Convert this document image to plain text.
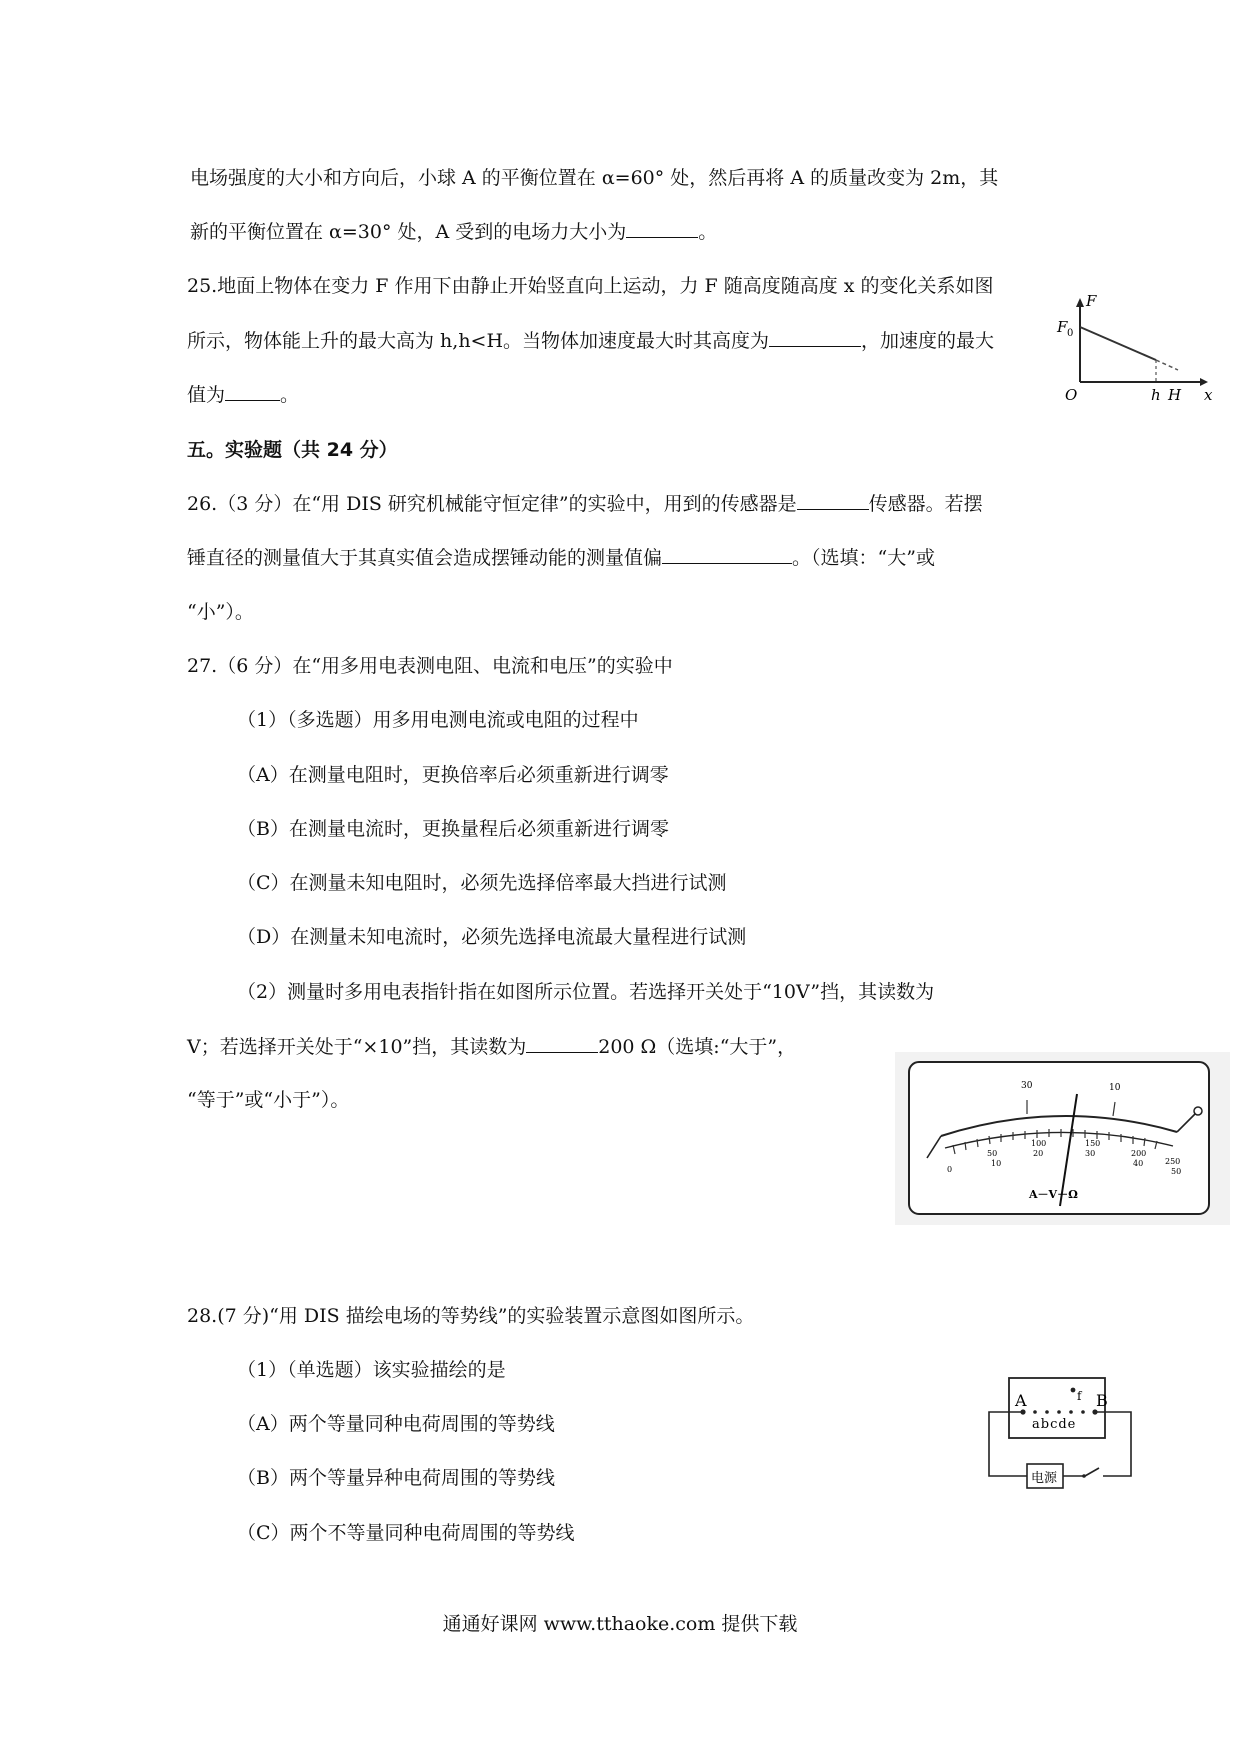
电场强度的大小和方向后，小球 A 的平衡位置在 α=60° 处，然后再将 A 的质量改变为 2m，其
新的平衡位置在 α=30° 处，A 受到的电场力大小为	。
25.地面上物体在变力 F 作用下由静止开始竖直向上运动，力 F 随高度随高度 x 的变化关系如图
所示，物体能上升的最大高为 h,h<H。当物体加速度最大时其高度为	，加速度的最大
值为	。
F
F 0
O	h H x
五。实验题（共 24 分）
26.（3 分）在“用 DIS 研究机械能守恒定律”的实验中，用到的传感器是	传感器。若摆
锤直径的测量值大于其真实值会造成摆锤动能的测量值偏	。（选填：“大”或
“小”）。
27.（6 分）在“用多用电表测电阻、电流和电压”的实验中
（1）（多选题）用多用电测电流或电阻的过程中
（A）在测量电阻时，更换倍率后必须重新进行调零
（B）在测量电流时，更换量程后必须重新进行调零
（C）在测量未知电阻时，必须先选择倍率最大挡进行试测
（D）在测量未知电流时，必须先选择电流最大量程进行试测
（2）测量时多用电表指针指在如图所示位置。若选择开关处于“10V”挡，其读数为
V；若选择开关处于“×10”挡，其读数为	200 Ω（选填:“大于”，
“等于”或“小于”）。
30	10
0
50
10
100
20
150
30	200
40	250
50
A－V－Ω
28.(7 分)“用 DIS 描绘电场的等势线”的实验装置示意图如图所示。
（1）（单选题）该实验描绘的是
（A）两个等量同种电荷周围的等势线
（B）两个等量异种电荷周围的等势线
（C）两个不等量同种电荷周围的等势线
A	B
f
abcde
电源
通通好课网 www.tthaoke.com 提供下载
